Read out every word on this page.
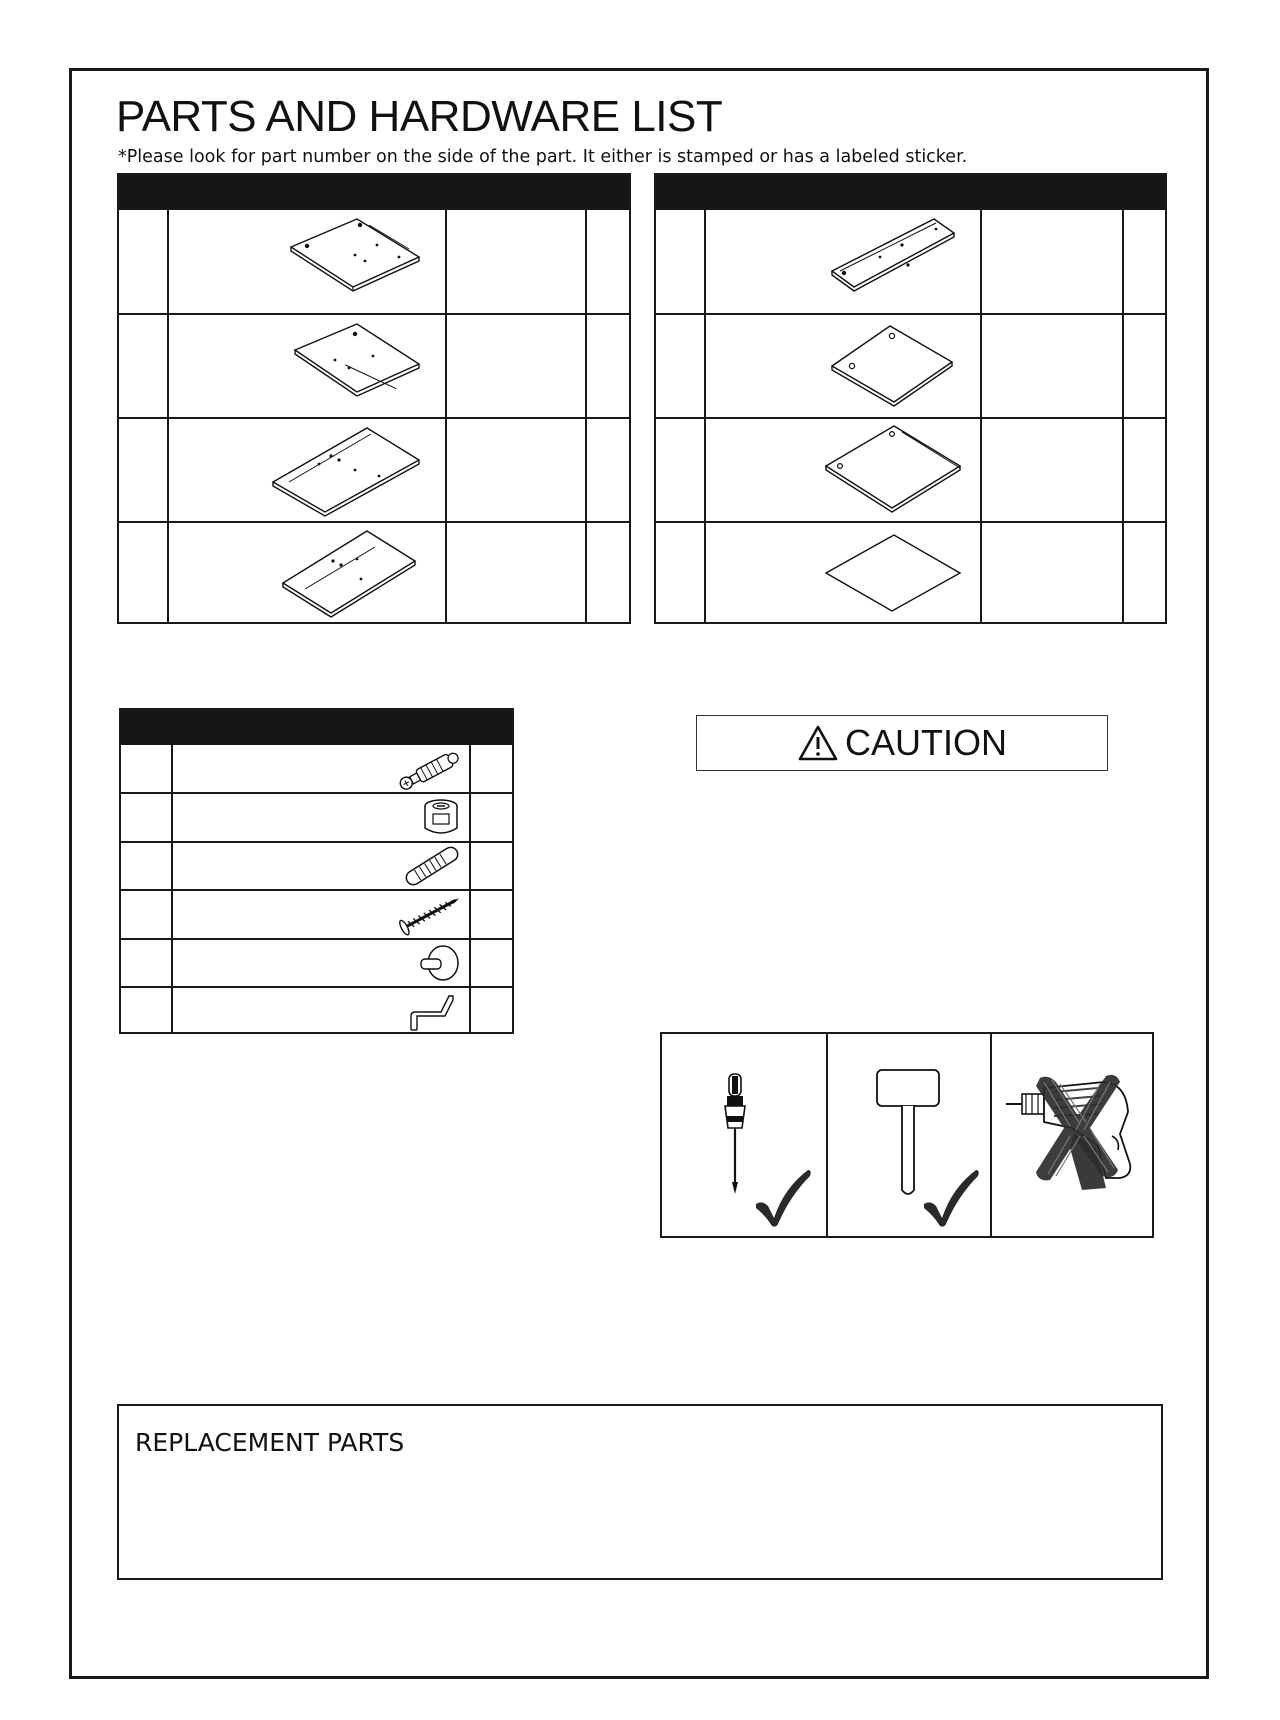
PARTS AND HARDWARE LIST

*Please look for part number on the side of the part. It either is stamped or has a labeled sticker.

CAUTION
REPLACEMENT PARTS
